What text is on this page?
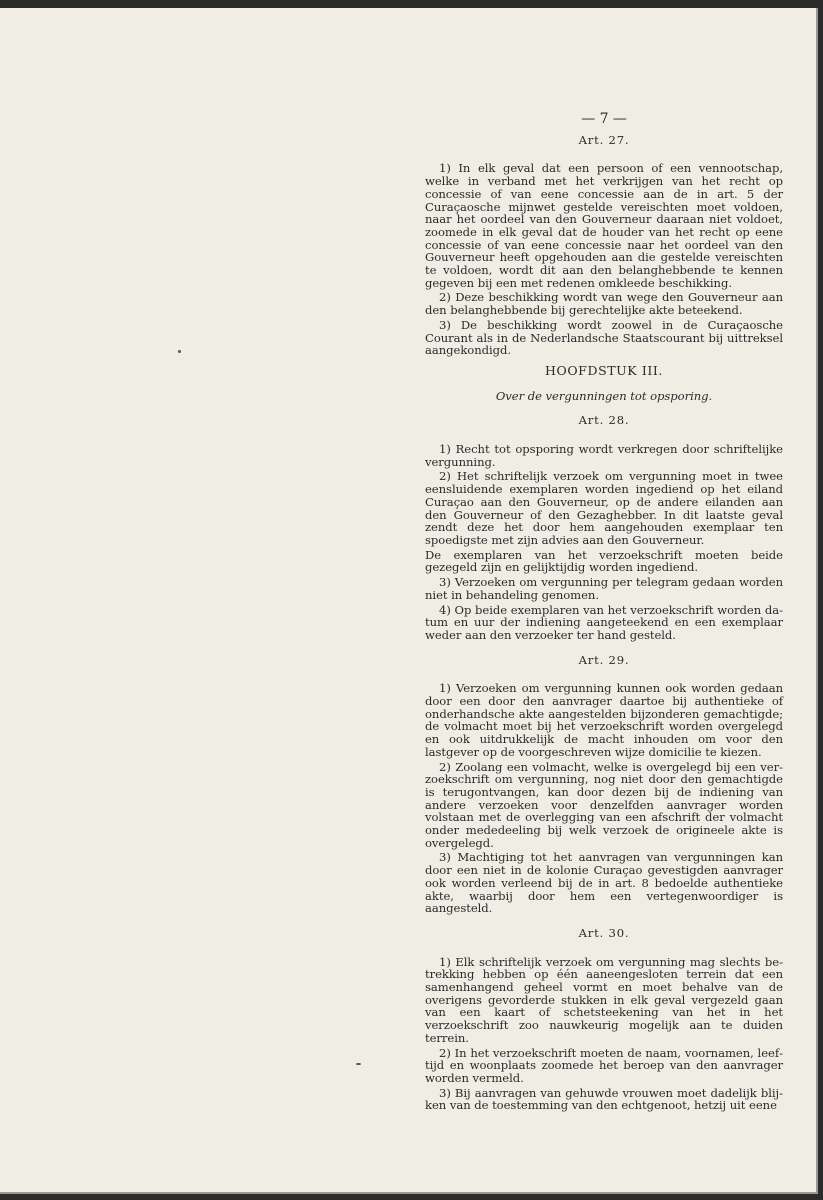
— 7 —
Art. 27.

1) In elk geval dat een persoon of een vennootschap, welke in verband met het verkrijgen van het recht op concessie of van eene concessie aan de in art. 5 der Curaçaosche mijnwet gestelde vereischten moet voldoen, naar het oordeel van den Gouverneur daaraan niet voldoet, zoomede in elk geval dat de houder van het recht op eene concessie of van eene concessie naar het oordeel van den Gouverneur heeft opgehouden aan die gestelde vereischten te voldoen, wordt dit aan den belanghebbende te kennen gegeven bij een met redenen omkleede beschikking.

2) Deze beschikking wordt van wege den Gouverneur aan den belanghebbende bij gerechtelijke akte beteekend.

3) De beschikking wordt zoowel in de Curaçaosche Courant als in de Nederlandsche Staatscourant bij uittreksel aangekondigd.

HOOFDSTUK III.
Over de vergunningen tot opsporing.
Art. 28.

1) Recht tot opsporing wordt verkregen door schriftelijke vergunning.

2) Het schriftelijk verzoek om vergunning moet in twee eensluidende exemplaren worden ingediend op het eiland Curaçao aan den Gouverneur, op de andere eilanden aan den Gouverneur of den Gezaghebber. In dit laatste geval zendt deze het door hem aangehouden exemplaar ten spoedigste met zijn advies aan den Gouverneur.

De exemplaren van het verzoekschrift moeten beide gezegeld zijn en gelijktijdig worden ingediend.

3) Verzoeken om vergunning per telegram gedaan worden niet in behandeling genomen.

4) Op beide exemplaren van het verzoekschrift worden datum en uur der indiening aangeteekend en een exemplaar weder aan den verzoeker ter hand gesteld.

Art. 29.

1) Verzoeken om vergunning kunnen ook worden gedaan door een door den aanvrager daartoe bij authentieke of onderhandsche akte aangestelden bijzonderen gemachtigde; de volmacht moet bij het verzoekschrift worden overgelegd en ook uitdrukkelijk de macht inhouden om voor den lastgever op de voorgeschreven wijze domicilie te kiezen.

2) Zoolang een volmacht, welke is overgelegd bij een verzoekschrift om vergunning, nog niet door den gemachtigde is terugontvangen, kan door dezen bij de indiening van andere verzoeken voor denzelfden aanvrager worden volstaan met de overlegging van een afschrift der volmacht onder mededeeling bij welk verzoek de origineele akte is overgelegd.

3) Machtiging tot het aanvragen van vergunningen kan door een niet in de kolonie Curaçao gevestigden aanvrager ook worden verleend bij de in art. 8 bedoelde authentieke akte, waarbij door hem een vertegenwoordiger is aangesteld.

Art. 30.

1) Elk schriftelijk verzoek om vergunning mag slechts betrekking hebben op één aaneengesloten terrein dat een samenhangend geheel vormt en moet behalve van de overigens gevorderde stukken in elk geval vergezeld gaan van een kaart of schetsteekening van het in het verzoekschrift zoo nauwkeurig mogelijk aan te duiden terrein.

2) In het verzoekschrift moeten de naam, voornamen, leeftijd en woonplaats zoomede het beroep van den aanvrager worden vermeld.

3) Bij aanvragen van gehuwde vrouwen moet dadelijk blijken van de toestemming van den echtgenoot, hetzij uit eene
